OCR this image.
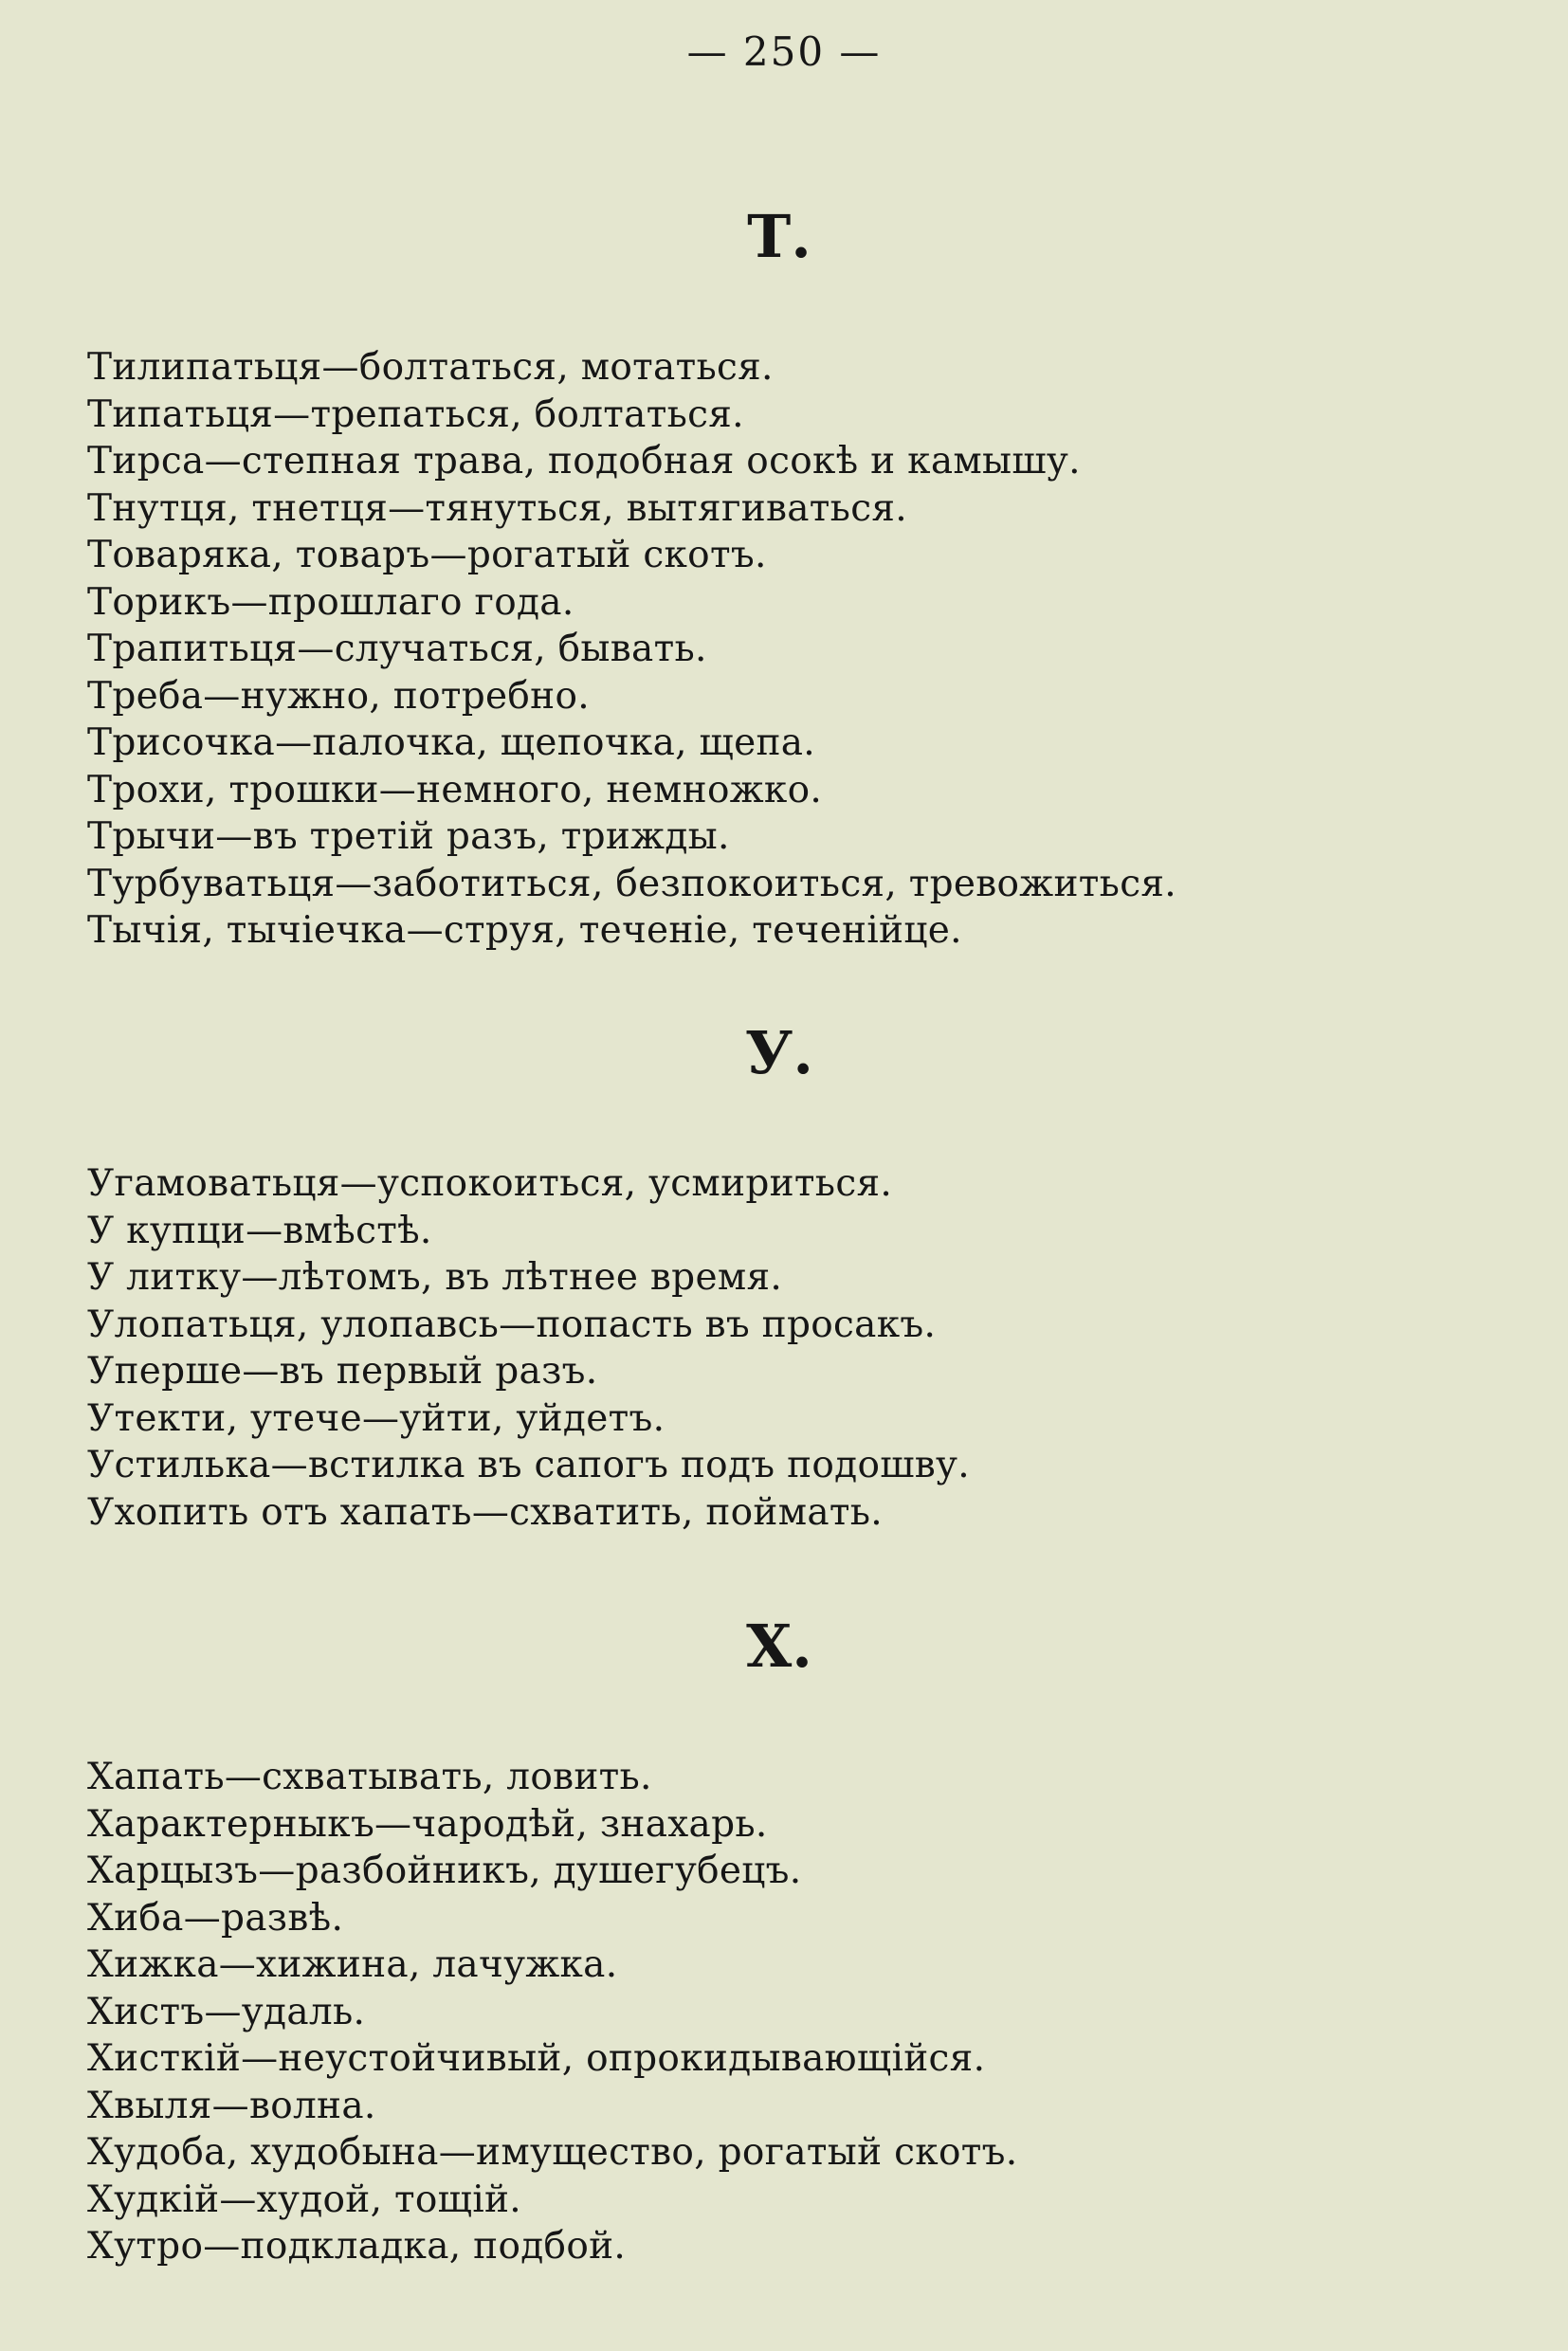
— 250 —
Т.
Тилипатьця—болтаться, мотаться.
Типатьця—трепаться, болтаться.
Тирса—степная трава, подобная осокѣ и камышу.
Тнутця, тнетця—тянуться, вытягиваться.
Товаряка, товаръ—рогатый скотъ.
Торикъ—прошлаго года.
Трапитьця—случаться, бывать.
Треба—нужно, потребно.
Трисочка—палочка, щепочка, щепа.
Трохи, трошки—немного, немножко.
Трычи—въ третій разъ, трижды.
Турбуватьця—заботиться, безпокоиться, тревожиться.
Тычія, тычіечка—струя, теченіе, теченійце.
У.
Угамоватьця—успокоиться, усмириться.
У купци—вмѣстѣ.
У литку—лѣтомъ, въ лѣтнее время.
Улопатьця, улопавсь—попасть въ просакъ.
Уперше—въ первый разъ.
Утекти, утече—уйти, уйдетъ.
Устилька—встилка въ сапогъ подъ подошву.
Ухопить отъ хапать—схватить, поймать.
Х.
Хапать—схватывать, ловить.
Характерныкъ—чародѣй, знахарь.
Харцызъ—разбойникъ, душегубецъ.
Хиба—развѣ.
Хижка—хижина, лачужка.
Хистъ—удаль.
Хисткій—неустойчивый, опрокидывающійся.
Хвыля—волна.
Худоба, худобына—имущество, рогатый скотъ.
Худкій—худой, тощій.
Хутро—подкладка, подбой.
